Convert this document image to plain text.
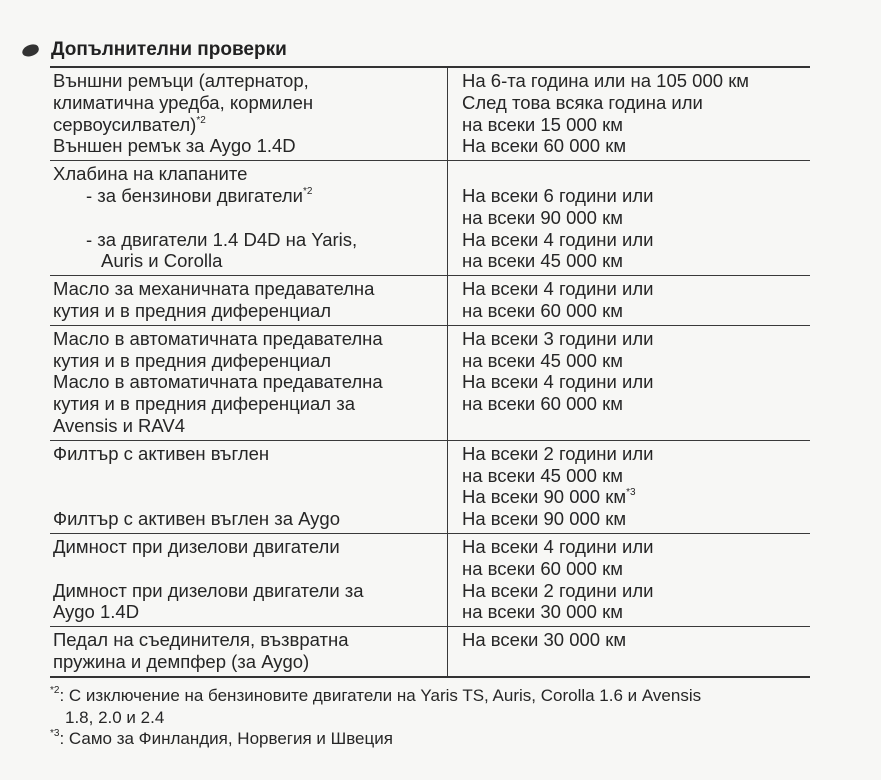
Допълнителни проверки
Външни ремъци (алтернатор,
климатична уредба, кормилен
сервоусилвател)$^{*2}$
Външен ремък за Aygo 1.4D
На 6-та година или на 105 000 км
След това всяка година или
на всеки 15 000 км
На всеки 60 000 км
Хлабина на клапаните
- за бензинови двигатели$^{*2}$
- за двигатели 1.4 D4D на Yaris,
Auris и Corolla
На всеки 6 години или
на всеки 90 000 км
На всеки 4 години или
на всеки 45 000 км
Масло за механичната предавателна
кутия и в предния диференциал
На всеки 4 години или
на всеки 60 000 км
Масло в автоматичната предавателна
кутия и в предния диференциал
Масло в автоматичната предавателна
кутия и в предния диференциал за
Avensis и RAV4
На всеки 3 години или
на всеки 45 000 км
На всеки 4 години или
на всеки 60 000 км
Филтър с активен въглен
Филтър с активен въглен за Aygo
На всеки 2 години или
на всеки 45 000 км
На всеки 90 000 $км^{*3}$
На всеки 90 000 км
Димност при дизелови двигатели
Димност при дизелови двигатели за
Aygo 1.4D
На всеки 4 години или
на всеки 60 000 км
На всеки 2 години или
на всеки 30 000 км
Педал на съединителя, възвратна
пружина и демпфер (за Aygo)
На всеки 30 000 км
$^{*2}$: С изключение на бензиновите двигатели на Yaris TS, Auris, Corolla 1.6 и Avensis
1.8, 2.0 и 2.4
$^{*3}$: Само за Финландия, Норвегия и Швеция
